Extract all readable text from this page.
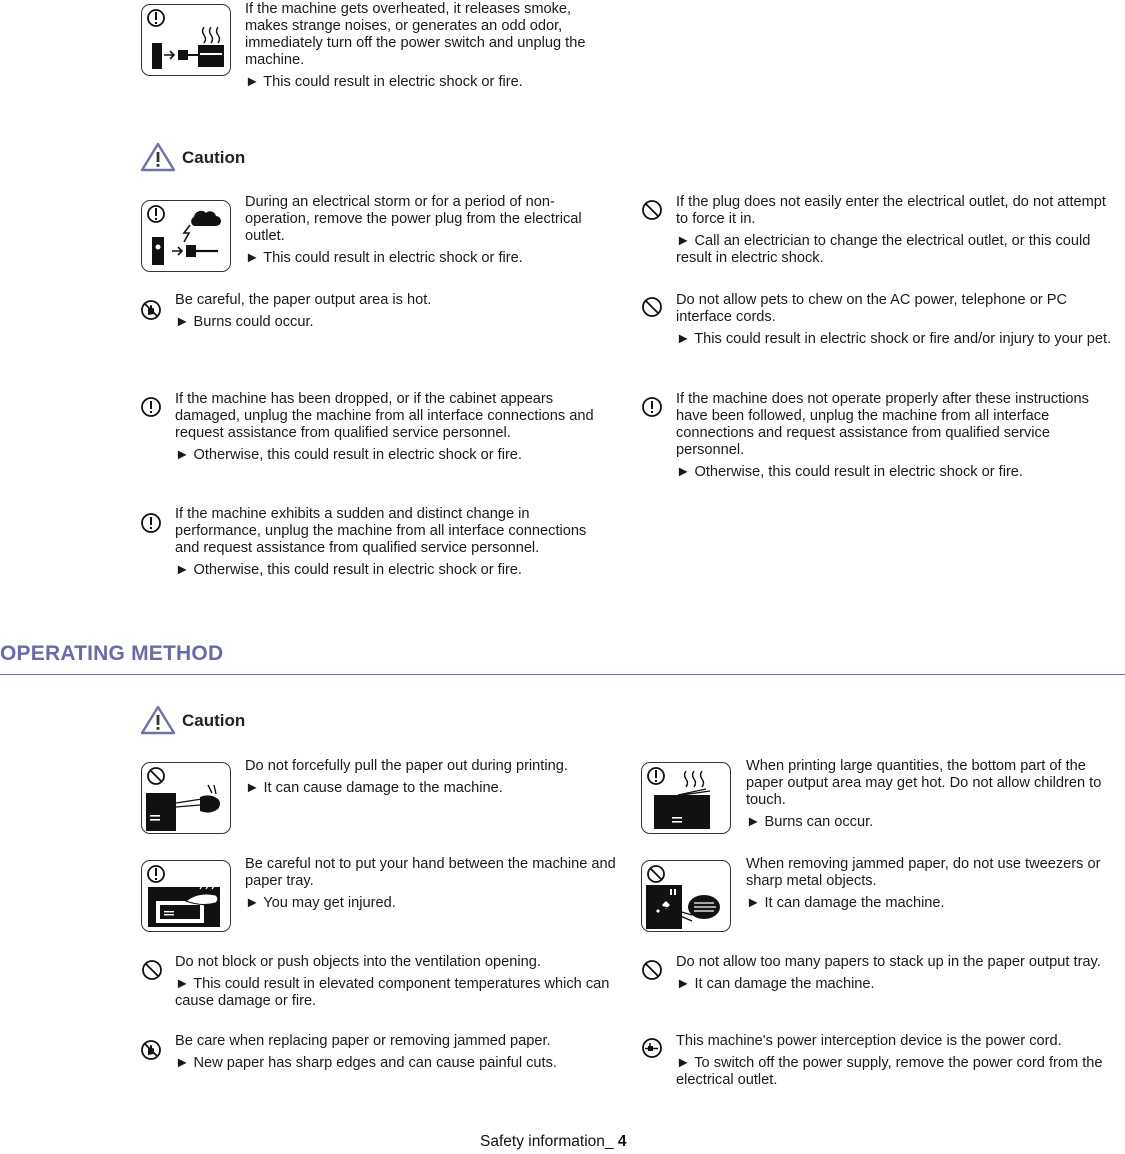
If the machine gets overheated, it releases smoke, makes strange noises, or generates an odd odor, immediately turn off the power switch and unplug the machine.

► This could result in electric shock or fire.

Caution

During an electrical storm or for a period of non-operation, remove the power plug from the electrical outlet.

► This could result in electric shock or fire.

If the plug does not easily enter the electrical outlet, do not attempt to force it in.

► Call an electrician to change the electrical outlet, or this could result in electric shock.

Be careful, the paper output area is hot.

► Burns could occur.

Do not allow pets to chew on the AC power, telephone or PC interface cords.

► This could result in electric shock or fire and/or injury to your pet.

If the machine has been dropped, or if the cabinet appears damaged, unplug the machine from all interface connections and request assistance from qualified service personnel.

► Otherwise, this could result in electric shock or fire.

If the machine does not operate properly after these instructions have been followed, unplug the machine from all interface connections and request assistance from qualified service personnel.

► Otherwise, this could result in electric shock or fire.

If the machine exhibits a sudden and distinct change in performance, unplug the machine from all interface connections and request assistance from qualified service personnel.

► Otherwise, this could result in electric shock or fire.

OPERATING METHOD
Caution

Do not forcefully pull the paper out during printing.

► It can cause damage to the machine.

When printing large quantities, the bottom part of the paper output area may get hot. Do not allow children to touch.

► Burns can occur.

Be careful not to put your hand between the machine and paper tray.

► You may get injured.

When removing jammed paper, do not use tweezers or sharp metal objects.

► It can damage the machine.

Do not block or push objects into the ventilation opening.

► This could result in elevated component temperatures which can cause damage or fire.

Do not allow too many papers to stack up in the paper output tray.

► It can damage the machine.

Be care when replacing paper or removing jammed paper.

► New paper has sharp edges and can cause painful cuts.

This machine's power interception device is the power cord.

► To switch off the power supply, remove the power cord from the electrical outlet.

Safety information_ 4
